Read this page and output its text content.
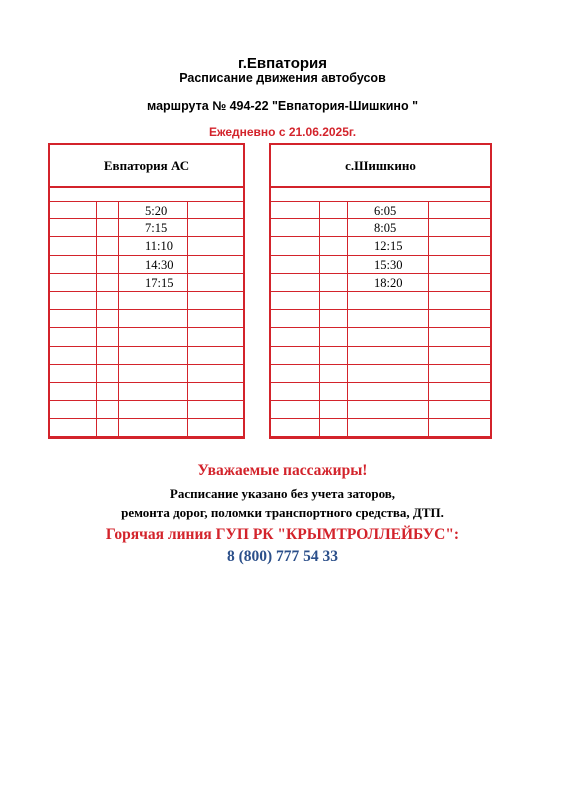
г.Евпатория
Расписание движения автобусов
маршрута № 494-22 "Евпатория-Шишкино "
Ежедневно с 21.06.2025г.
Евпатория АС
5:20
7:15
11:10
14:30
17:15
с.Шишкино
6:05
8:05
12:15
15:30
18:20
Уважаемые пассажиры!
Расписание указано без учета заторов,
ремонта дорог, поломки транспортного средства, ДТП.
Горячая линия ГУП РК "КРЫМТРОЛЛЕЙБУС":
8 (800) 777 54 33
